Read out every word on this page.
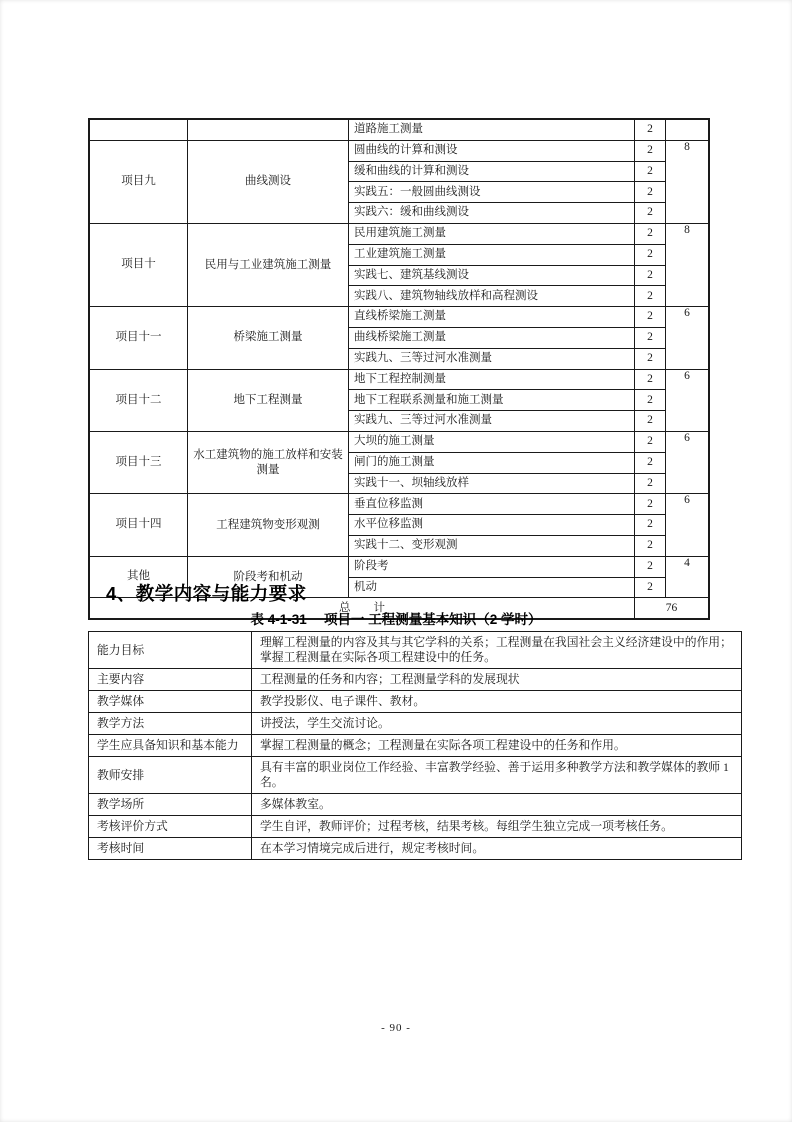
		道路施工测量	2	
项目九	曲线测设	圆曲线的计算和测设	2	8
		缓和曲线的计算和测设	2	
		实践五：一般圆曲线测设	2	
		实践六：缓和曲线测设	2	
项目十	民用与工业建筑施工测量	民用建筑施工测量	2	8
		工业建筑施工测量	2	
		实践七、建筑基线测设	2	
		实践八、建筑物轴线放样和高程测设	2	
项目十一	桥梁施工测量	直线桥梁施工测量	2	6
		曲线桥梁施工测量	2	
		实践九、三等过河水准测量	2	
项目十二	地下工程测量	地下工程控制测量	2	6
		地下工程联系测量和施工测量	2	
		实践九、三等过河水准测量	2	
项目十三	水工建筑物的施工放样和安装测量	大坝的施工测量	2	6
		闸门的施工测量	2	
		实践十一、坝轴线放样	2	
项目十四	工程建筑物变形观测	垂直位移监测	2	6
		水平位移监测	2	
		实践十二、变形观测	2	
其他	阶段考和机动	阶段考	2	4
		机动	2	
总　　计			76	
4、教学内容与能力要求
表 4-1-31　 项目一 工程测量基本知识（2 学时）
能力目标	理解工程测量的内容及其与其它学科的关系；工程测量在我国社会主义经济建设中的作用；掌握工程测量在实际各项工程建设中的任务。
主要内容	工程测量的任务和内容；工程测量学科的发展现状
教学媒体	教学投影仪、电子课件、教材。
教学方法	讲授法，学生交流讨论。
学生应具备知识和基本能力	掌握工程测量的概念；工程测量在实际各项工程建设中的任务和作用。
教师安排	具有丰富的职业岗位工作经验、丰富教学经验、善于运用多种教学方法和教学媒体的教师 1 名。
教学场所	多媒体教室。
考核评价方式	学生自评，教师评价；过程考核，结果考核。每组学生独立完成一项考核任务。
考核时间	在本学习情境完成后进行，规定考核时间。
- 90 -
